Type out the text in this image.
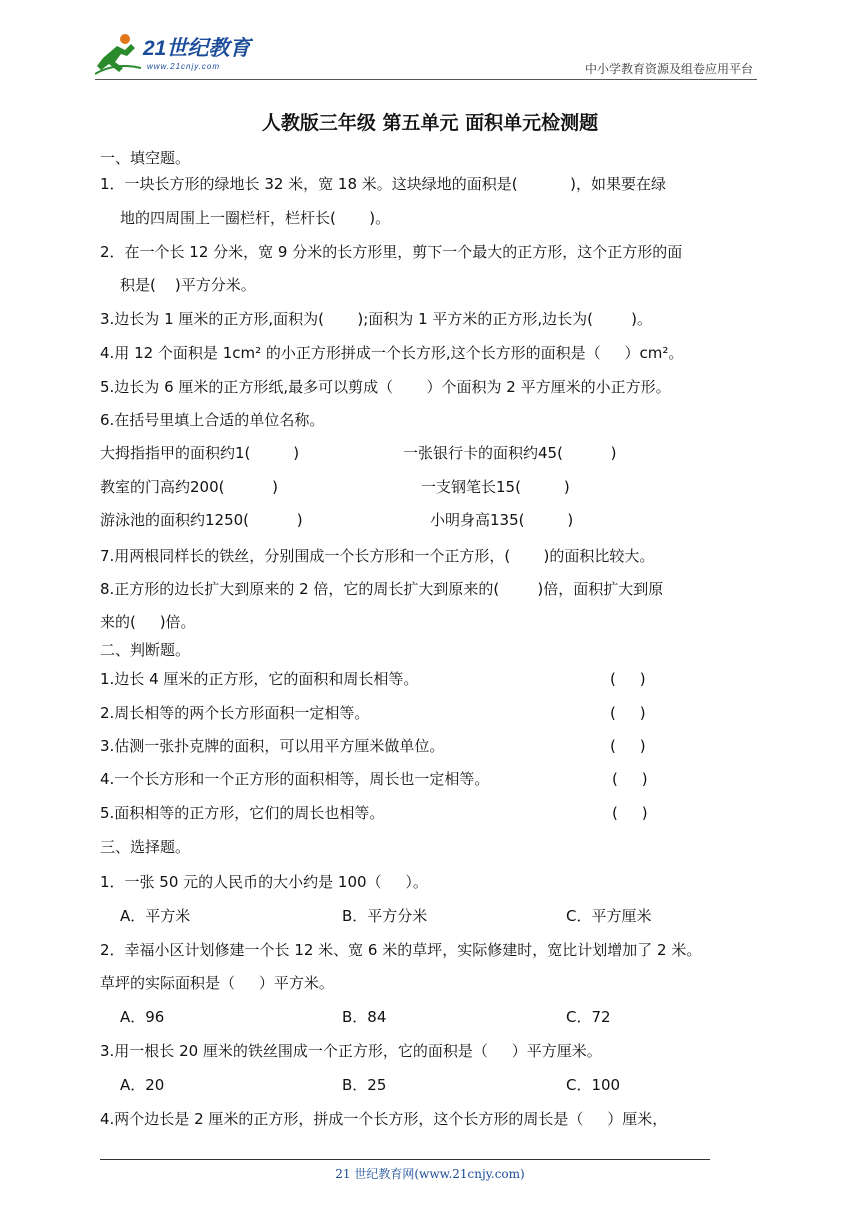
21世纪教育
www.21cnjy.com	中小学教育资源及组卷应用平台
人教版三年级 第五单元 面积单元检测题
一、填空题。
1．一块长方形的绿地长 32 米，宽 18 米。这块绿地的面积是(           )，如果要在绿
地的四周围上一圈栏杆，栏杆长(       )。
2．在一个长 12 分米，宽 9 分米的长方形里，剪下一个最大的正方形，这个正方形的面
积是(    )平方分米。
3.边长为 1 厘米的正方形,面积为(       );面积为 1 平方米的正方形,边长为(        )。
4.用 12 个面积是 1cm² 的小正方形拼成一个长方形,这个长方形的面积是（     ）cm²。
5.边长为 6 厘米的正方形纸,最多可以剪成（       ）个面积为 2 平方厘米的小正方形。
6.在括号里填上合适的单位名称。
大拇指指甲的面积约1(         )	一张银行卡的面积约45(          )
教室的门高约200(          )	一支钢笔长15(         )
游泳池的面积约1250(          )	小明身高135(         )
7.用两根同样长的铁丝，分别围成一个长方形和一个正方形，(       )的面积比较大。
8.正方形的边长扩大到原来的 2 倍，它的周长扩大到原来的(        )倍，面积扩大到原
来的(     )倍。
二、判断题。
1.边长 4 厘米的正方形，它的面积和周长相等。	(     )
2.周长相等的两个长方形面积一定相等。	(     )
3.估测一张扑克牌的面积，可以用平方厘米做单位。	(     )
4.一个长方形和一个正方形的面积相等，周长也一定相等。	(     )
5.面积相等的正方形，它们的周长也相等。	(     )
三、选择题。
1．一张 50 元的人民币的大小约是 100（     ）。
A．平方米	B．平方分米	C．平方厘米
2．幸福小区计划修建一个长 12 米、宽 6 米的草坪，实际修建时，宽比计划增加了 2 米。
草坪的实际面积是（     ）平方米。
A．96	B．84	C．72
3.用一根长 20 厘米的铁丝围成一个正方形，它的面积是（     ）平方厘米。
A．20	B．25	C．100
4.两个边长是 2 厘米的正方形，拼成一个长方形，这个长方形的周长是（     ）厘米，
21 世纪教育网(www.21cnjy.com)
